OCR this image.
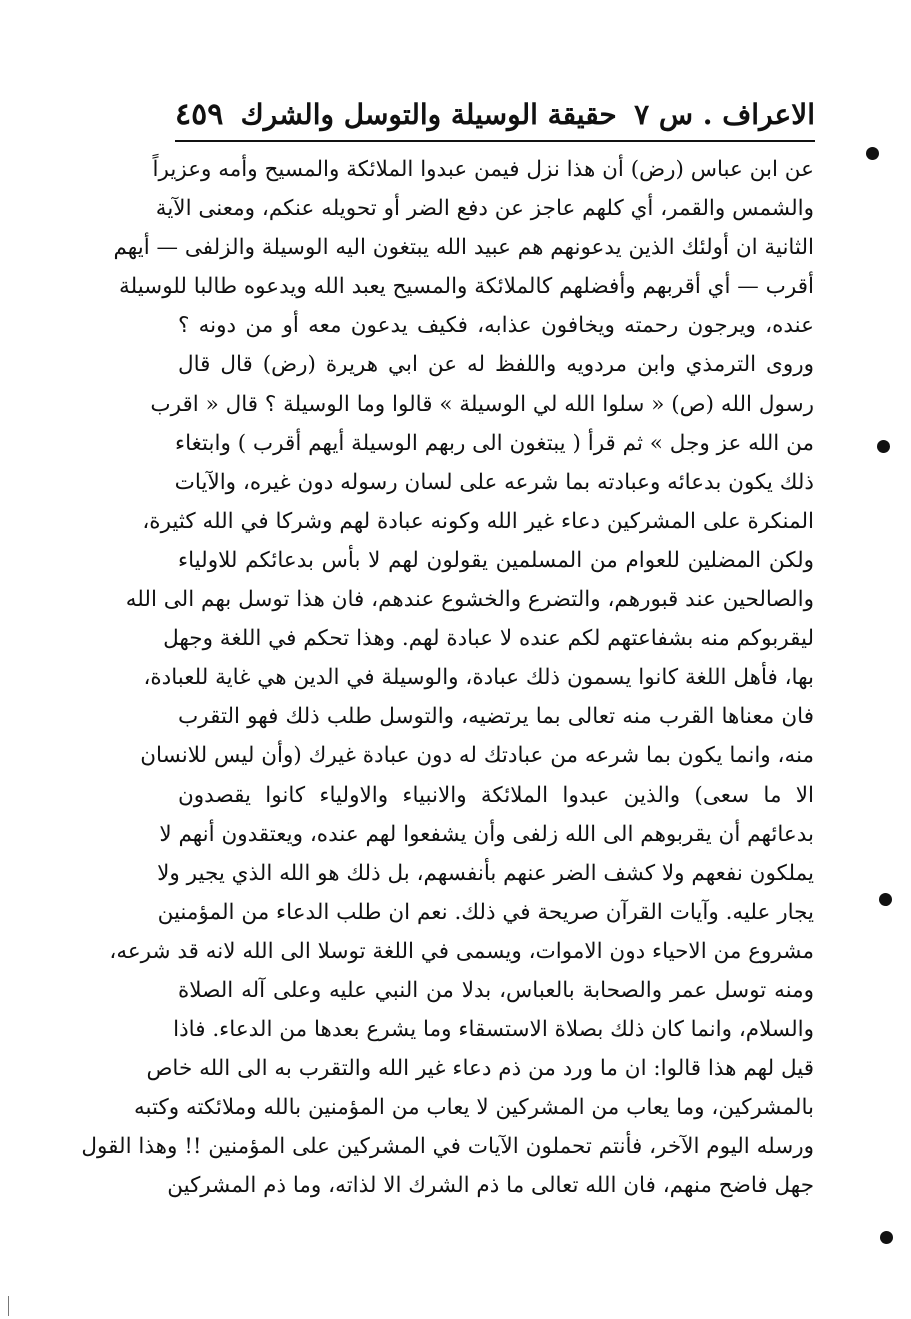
الاعراف . س ٧
حقيقة الوسيلة والتوسل والشرك
٤٥٩
عن ابن عباس (رض) أن هذا نزل فيمن عبدوا الملائكة والمسيح وأمه وعزيراً
والشمس والقمر، أي كلهم عاجز عن دفع الضر أو تحويله عنكم، ومعنى الآية
الثانية ان أولئك الذين يدعونهم هم عبيد الله يبتغون اليه الوسيلة والزلفى — أيهم
أقرب — أي أقربهم وأفضلهم كالملائكة والمسيح يعبد الله ويدعوه طالبا للوسيلة
عنده، ويرجون رحمته ويخافون عذابه، فكيف يدعون معه أو من دونه ؟
وروى الترمذي وابن مردويه واللفظ له عن ابي هريرة (رض) قال قال
رسول الله (ص) « سلوا الله لي الوسيلة » قالوا وما الوسيلة ؟ قال « اقرب
من الله عز وجل » ثم قرأ ( يبتغون الى ربهم الوسيلة أيهم أقرب ) وابتغاء
ذلك يكون بدعائه وعبادته بما شرعه على لسان رسوله دون غيره، والآيات
المنكرة على المشركين دعاء غير الله وكونه عبادة لهم وشركا في الله كثيرة،
ولكن المضلين للعوام من المسلمين يقولون لهم لا بأس بدعائكم للاولياء
والصالحين عند قبورهم، والتضرع والخشوع عندهم، فان هذا توسل بهم الى الله
ليقربوكم منه بشفاعتهم لكم عنده لا عبادة لهم. وهذا تحكم في اللغة وجهل
بها، فأهل اللغة كانوا يسمون ذلك عبادة، والوسيلة في الدين هي غاية للعبادة،
فان معناها القرب منه تعالى بما يرتضيه، والتوسل طلب ذلك فهو التقرب
منه، وانما يكون بما شرعه من عبادتك له دون عبادة غيرك (وأن ليس للانسان
الا ما سعى) والذين عبدوا الملائكة والانبياء والاولياء كانوا يقصدون
بدعائهم أن يقربوهم الى الله زلفى وأن يشفعوا لهم عنده، ويعتقدون أنهم لا
يملكون نفعهم ولا كشف الضر عنهم بأنفسهم، بل ذلك هو الله الذي يجير ولا
يجار عليه. وآيات القرآن صريحة في ذلك. نعم ان طلب الدعاء من المؤمنين
مشروع من الاحياء دون الاموات، ويسمى في اللغة توسلا الى الله لانه قد شرعه،
ومنه توسل عمر والصحابة بالعباس، بدلا من النبي عليه وعلى آله الصلاة
والسلام، وانما كان ذلك بصلاة الاستسقاء وما يشرع بعدها من الدعاء. فاذا
قيل لهم هذا قالوا: ان ما ورد من ذم دعاء غير الله والتقرب به الى الله خاص
بالمشركين، وما يعاب من المشركين لا يعاب من المؤمنين بالله وملائكته وكتبه
ورسله اليوم الآخر، فأنتم تحملون الآيات في المشركين على المؤمنين !! وهذا القول
جهل فاضح منهم، فان الله تعالى ما ذم الشرك الا لذاته، وما ذم المشركين
